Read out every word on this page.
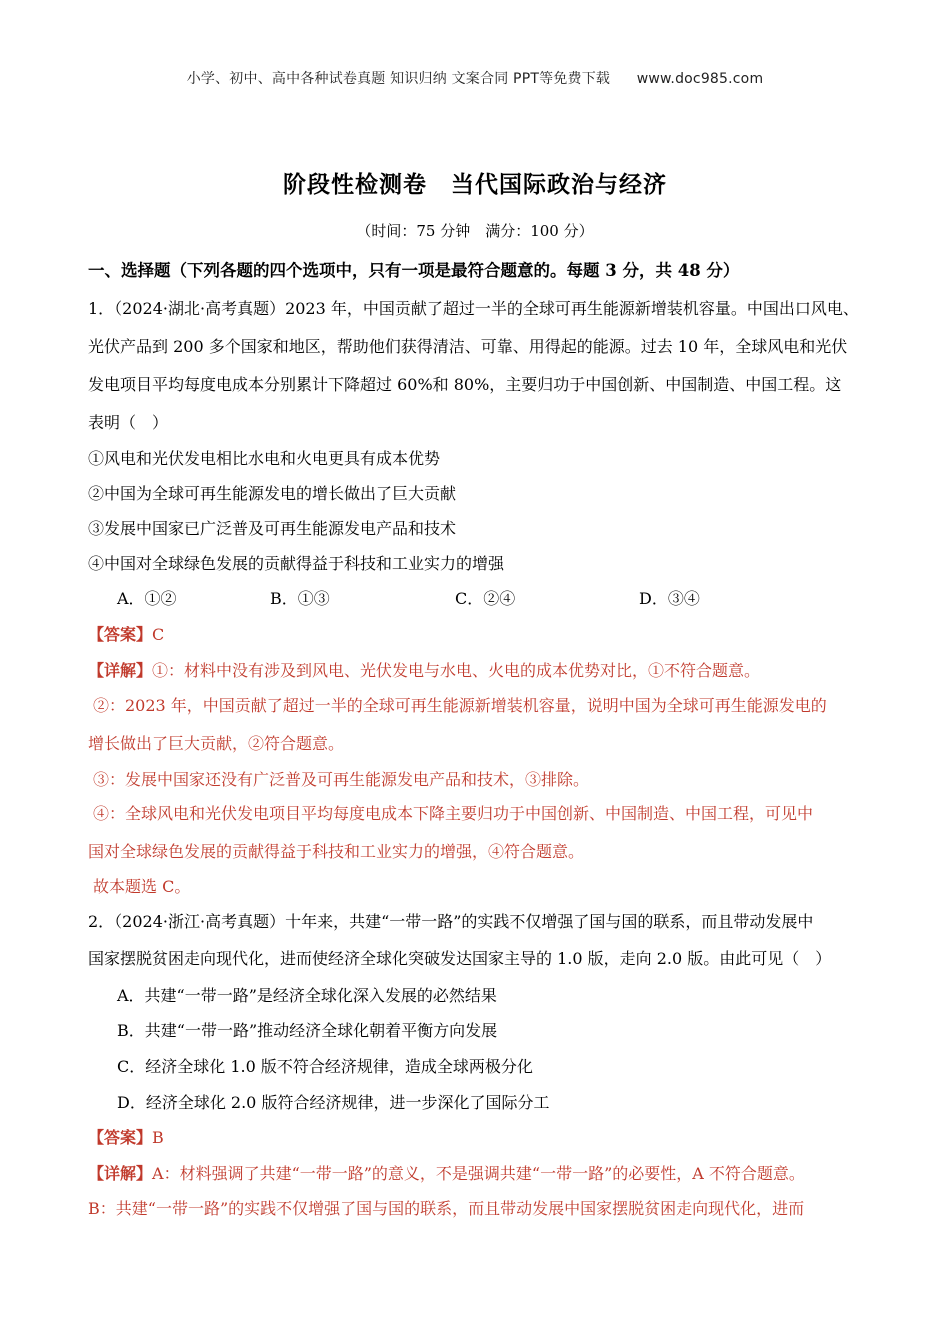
小学、初中、高中各种试卷真题 知识归纳 文案合同 PPT等免费下载 www.doc985.com
阶段性检测卷　当代国际政治与经济
（时间：75 分钟　满分：100 分）
一、选择题（下列各题的四个选项中，只有一项是最符合题意的。每题 3 分，共 48 分）
1．（2024·湖北·高考真题）2023 年，中国贡献了超过一半的全球可再生能源新增装机容量。中国出口风电、
光伏产品到 200 多个国家和地区，帮助他们获得清洁、可靠、用得起的能源。过去 10 年，全球风电和光伏
发电项目平均每度电成本分别累计下降超过 60%和 80%，主要归功于中国创新、中国制造、中国工程。这
表明（　）
①风电和光伏发电相比水电和火电更具有成本优势
②中国为全球可再生能源发电的增长做出了巨大贡献
③发展中国家已广泛普及可再生能源发电产品和技术
④中国对全球绿色发展的贡献得益于科技和工业实力的增强
A．①②	B．①③	C．②④	D．③④
【答案】C
【详解】①：材料中没有涉及到风电、光伏发电与水电、火电的成本优势对比，①不符合题意。
②：2023 年，中国贡献了超过一半的全球可再生能源新增装机容量，说明中国为全球可再生能源发电的
增长做出了巨大贡献，②符合题意。
③：发展中国家还没有广泛普及可再生能源发电产品和技术，③排除。
④：全球风电和光伏发电项目平均每度电成本下降主要归功于中国创新、中国制造、中国工程，可见中
国对全球绿色发展的贡献得益于科技和工业实力的增强，④符合题意。
故本题选 C。
2．（2024·浙江·高考真题）十年来，共建“一带一路”的实践不仅增强了国与国的联系，而且带动发展中
国家摆脱贫困走向现代化，进而使经济全球化突破发达国家主导的 1.0 版，走向 2.0 版。由此可见（　）
A．共建“一带一路”是经济全球化深入发展的必然结果
B．共建“一带一路”推动经济全球化朝着平衡方向发展
C．经济全球化 1.0 版不符合经济规律，造成全球两极分化
D．经济全球化 2.0 版符合经济规律，进一步深化了国际分工
【答案】B
【详解】A：材料强调了共建“一带一路”的意义，不是强调共建“一带一路”的必要性，A 不符合题意。
B：共建“一带一路”的实践不仅增强了国与国的联系，而且带动发展中国家摆脱贫困走向现代化，进而
